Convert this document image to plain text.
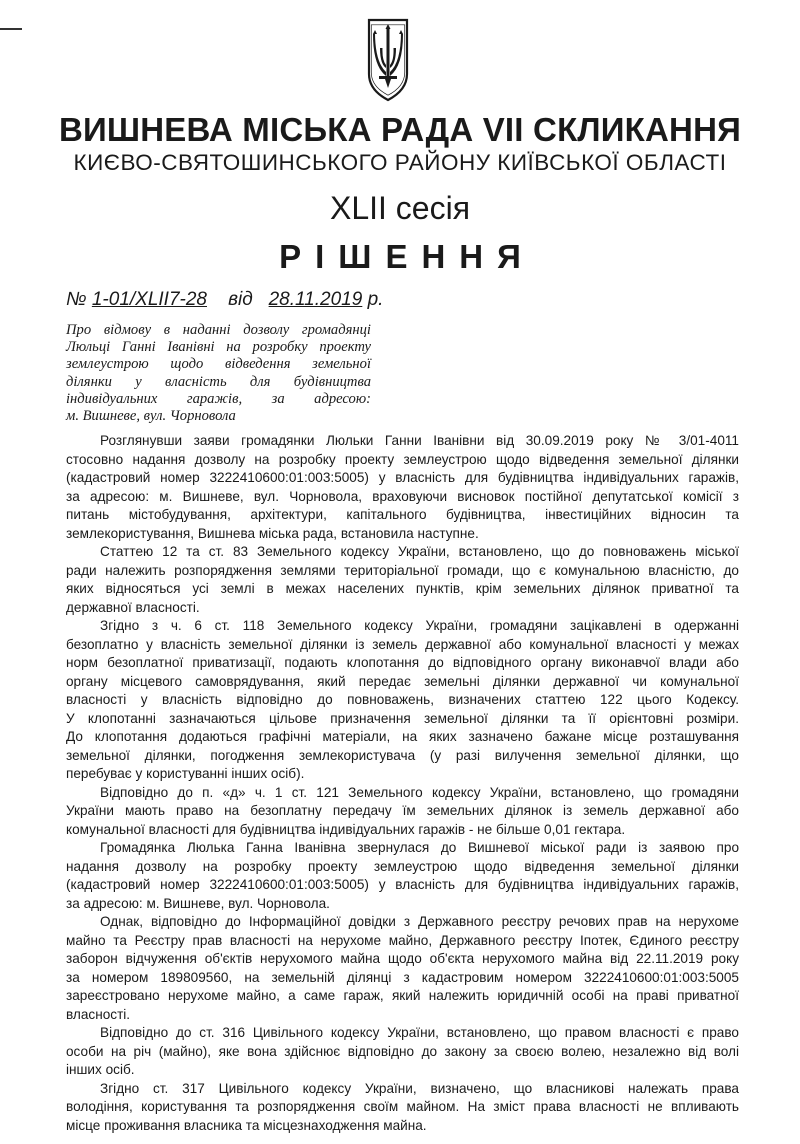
ВИШНЕВА МІСЬКА РАДА VII СКЛИКАННЯ
КИЄВО-СВЯТОШИНСЬКОГО РАЙОНУ КИЇВСЬКОЇ ОБЛАСТІ
XLII сесія
РІШЕННЯ
№ 1-01/XLII7-28 від 28.11.2019 р.
Про відмову в наданні дозволу громадянці
Люльці Ганні Іванівні на розробку проекту
землеустрою щодо відведення земельної
ділянки у власність для будівництва
індивідуальних гаражів, за адресою:
м. Вишневе, вул. Чорновола
Розглянувши заяви громадянки Люльки Ганни Іванівни від 30.09.2019 року № 3/01-4011
стосовно надання дозволу на розробку проекту землеустрою щодо відведення земельної ділянки
(кадастровий номер 3222410600:01:003:5005) у власність для будівництва індивідуальних гаражів,
за адресою: м. Вишневе, вул. Чорновола, враховуючи висновок постійної депутатської комісії з
питань містобудування, архітектури, капітального будівництва, інвестиційних відносин та
землекористування, Вишнева міська рада, встановила наступне.
Статтею 12 та ст. 83 Земельного кодексу України, встановлено, що до повноважень міської
ради належить розпорядження землями територіальної громади, що є комунальною власністю, до
яких відносяться усі землі в межах населених пунктів, крім земельних ділянок приватної та
державної власності.
Згідно з ч. 6 ст. 118 Земельного кодексу України, громадяни зацікавлені в одержанні
безоплатно у власність земельної ділянки із земель державної або комунальної власності у межах
норм безоплатної приватизації, подають клопотання до відповідного органу виконавчої влади або
органу місцевого самоврядування, який передає земельні ділянки державної чи комунальної
власності у власність відповідно до повноважень, визначених статтею 122 цього Кодексу.
У клопотанні зазначаються цільове призначення земельної ділянки та її орієнтовні розміри.
До клопотання додаються графічні матеріали, на яких зазначено бажане місце розташування
земельної ділянки, погодження землекористувача (у разі вилучення земельної ділянки, що
перебуває у користуванні інших осіб).
Відповідно до п. «д» ч. 1 ст. 121 Земельного кодексу України, встановлено, що громадяни
України мають право на безоплатну передачу їм земельних ділянок із земель державної або
комунальної власності для будівництва індивідуальних гаражів - не більше 0,01 гектара.
Громадянка Люлька Ганна Іванівна звернулася до Вишневої міської ради із заявою про
надання дозволу на розробку проекту землеустрою щодо відведення земельної ділянки
(кадастровий номер 3222410600:01:003:5005) у власність для будівництва індивідуальних гаражів,
за адресою: м. Вишневе, вул. Чорновола.
Однак, відповідно до Інформаційної довідки з Державного реєстру речових прав на нерухоме
майно та Реєстру прав власності на нерухоме майно, Державного реєстру Іпотек, Єдиного реєстру
заборон відчуження об'єктів нерухомого майна щодо об'єкта нерухомого майна від 22.11.2019 року
за номером 189809560, на земельній ділянці з кадастровим номером 3222410600:01:003:5005
зареєстровано нерухоме майно, а саме гараж, який належить юридичній особі на праві приватної
власності.
Відповідно до ст. 316 Цивільного кодексу України, встановлено, що правом власності є право
особи на річ (майно), яке вона здійснює відповідно до закону за своєю волею, незалежно від волі
інших осіб.
Згідно ст. 317 Цивільного кодексу України, визначено, що власникові належать права
володіння, користування та розпорядження своїм майном. На зміст права власності не впливають
місце проживання власника та місцезнаходження майна.
